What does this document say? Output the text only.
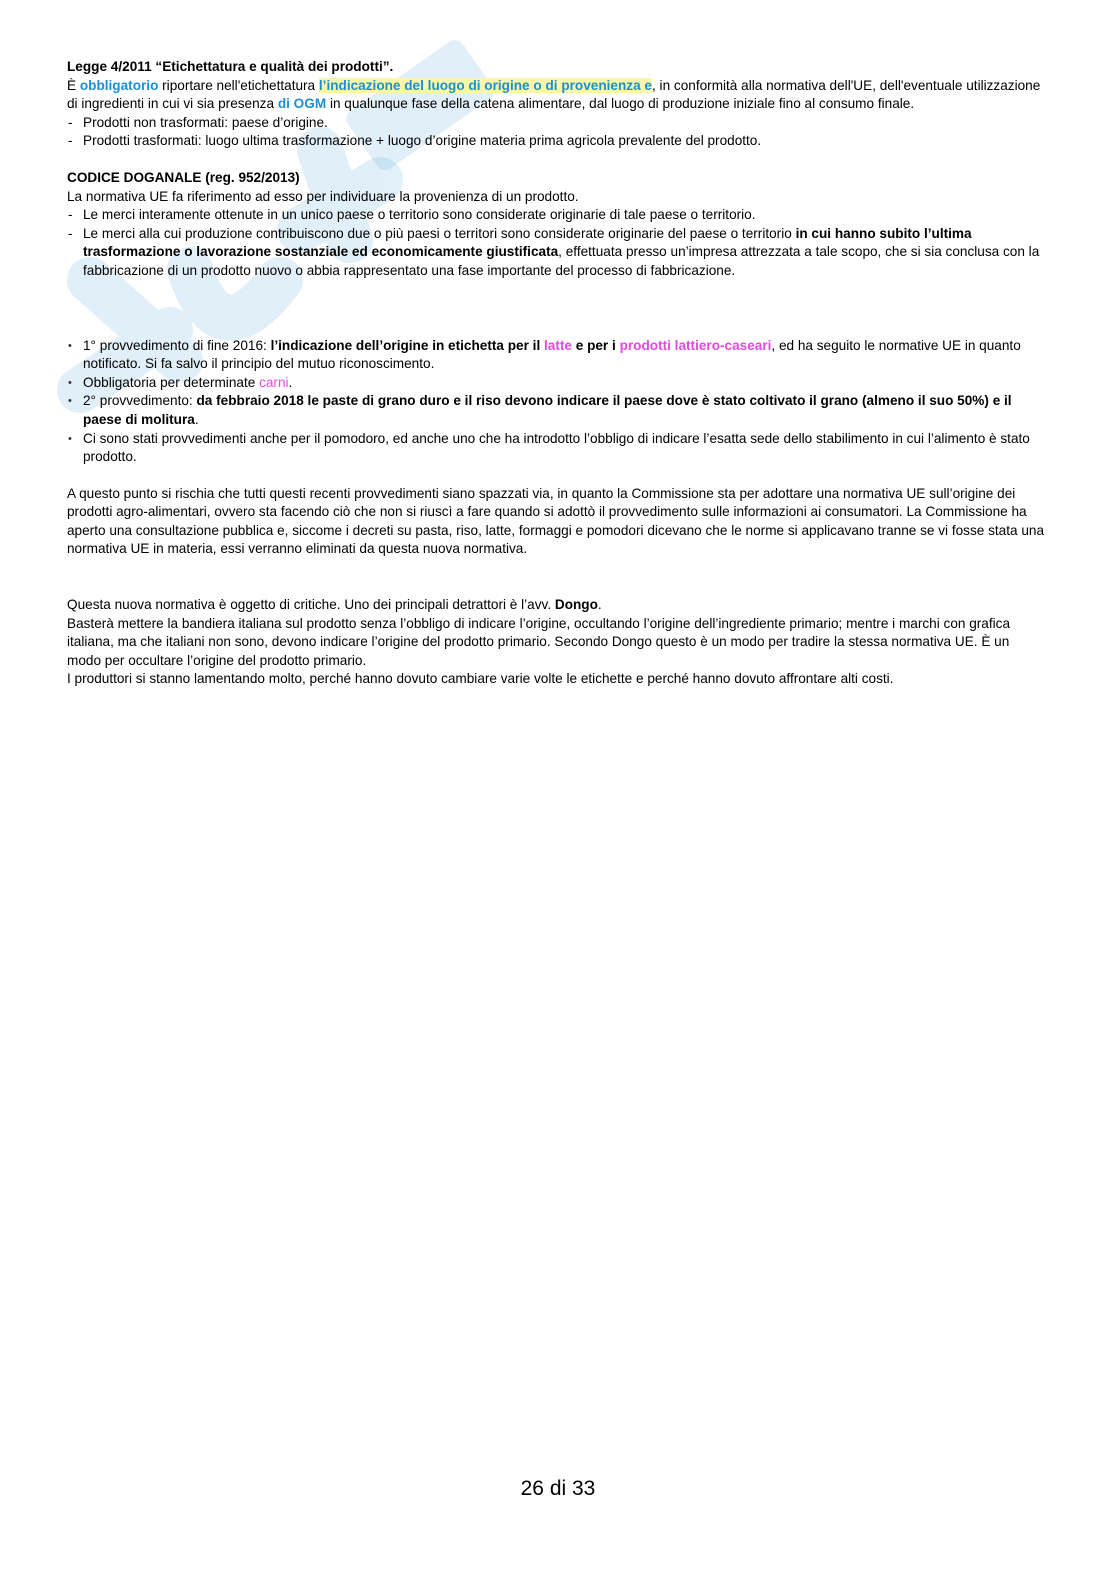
Legge 4/2011 “Etichettatura e qualità dei prodotti”.

È obbligatorio riportare nell'etichettatura l’indicazione del luogo di origine o di provenienza e, in conformità alla normativa dell'UE, dell'eventuale utilizzazione di ingredienti in cui vi sia presenza di OGM in qualunque fase della catena alimentare, dal luogo di produzione iniziale fino al consumo finale.

- Prodotti non trasformati: paese d’origine.
- Prodotti trasformati: luogo ultima trasformazione + luogo d’origine materia prima agricola prevalente del prodotto.

CODICE DOGANALE (reg. 952/2013)

La normativa UE fa riferimento ad esso per individuare la provenienza di un prodotto.

- Le merci interamente ottenute in un unico paese o territorio sono considerate originarie di tale paese o territorio.
- Le merci alla cui produzione contribuiscono due o più paesi o territori sono considerate originarie del paese o territorio in cui hanno subito l’ultima trasformazione o lavorazione sostanziale ed economicamente giustificata, effettuata presso un’impresa attrezzata a tale scopo, che si sia conclusa con la fabbricazione di un prodotto nuovo o abbia rappresentato una fase importante del processo di fabbricazione.
• 1° provvedimento di fine 2016: l’indicazione dell’origine in etichetta per il latte e per i prodotti lattiero-caseari, ed ha seguito le normative UE in quanto notificato. Si fa salvo il principio del mutuo riconoscimento.
• Obbligatoria per determinate carni.
• 2° provvedimento: da febbraio 2018 le paste di grano duro e il riso devono indicare il paese dove è stato coltivato il grano (almeno il suo 50%) e il paese di molitura.
• Ci sono stati provvedimenti anche per il pomodoro, ed anche uno che ha introdotto l’obbligo di indicare l’esatta sede dello stabilimento in cui l’alimento è stato prodotto.

A questo punto si rischia che tutti questi recenti provvedimenti siano spazzati via, in quanto la Commissione sta per adottare una normativa UE sull’origine dei prodotti agro-alimentari, ovvero sta facendo ciò che non si riuscì a fare quando si adottò il provvedimento sulle informazioni ai consumatori. La Commissione ha aperto una consultazione pubblica e, siccome i decreti su pasta, riso, latte, formaggi e pomodori dicevano che le norme si applicavano tranne se vi fosse stata una normativa UE in materia, essi verranno eliminati da questa nuova normativa.

Questa nuova normativa è oggetto di critiche. Uno dei principali detrattori è l’avv. Dongo.

Basterà mettere la bandiera italiana sul prodotto senza l’obbligo di indicare l’origine, occultando l’origine dell’ingrediente primario; mentre i marchi con grafica italiana, ma che italiani non sono, devono indicare l’origine del prodotto primario. Secondo Dongo questo è un modo per tradire la stessa normativa UE. È un modo per occultare l’origine del prodotto primario.

I produttori si stanno lamentando molto, perché hanno dovuto cambiare varie volte le etichette e perché hanno dovuto affrontare alti costi.

26 di 33
